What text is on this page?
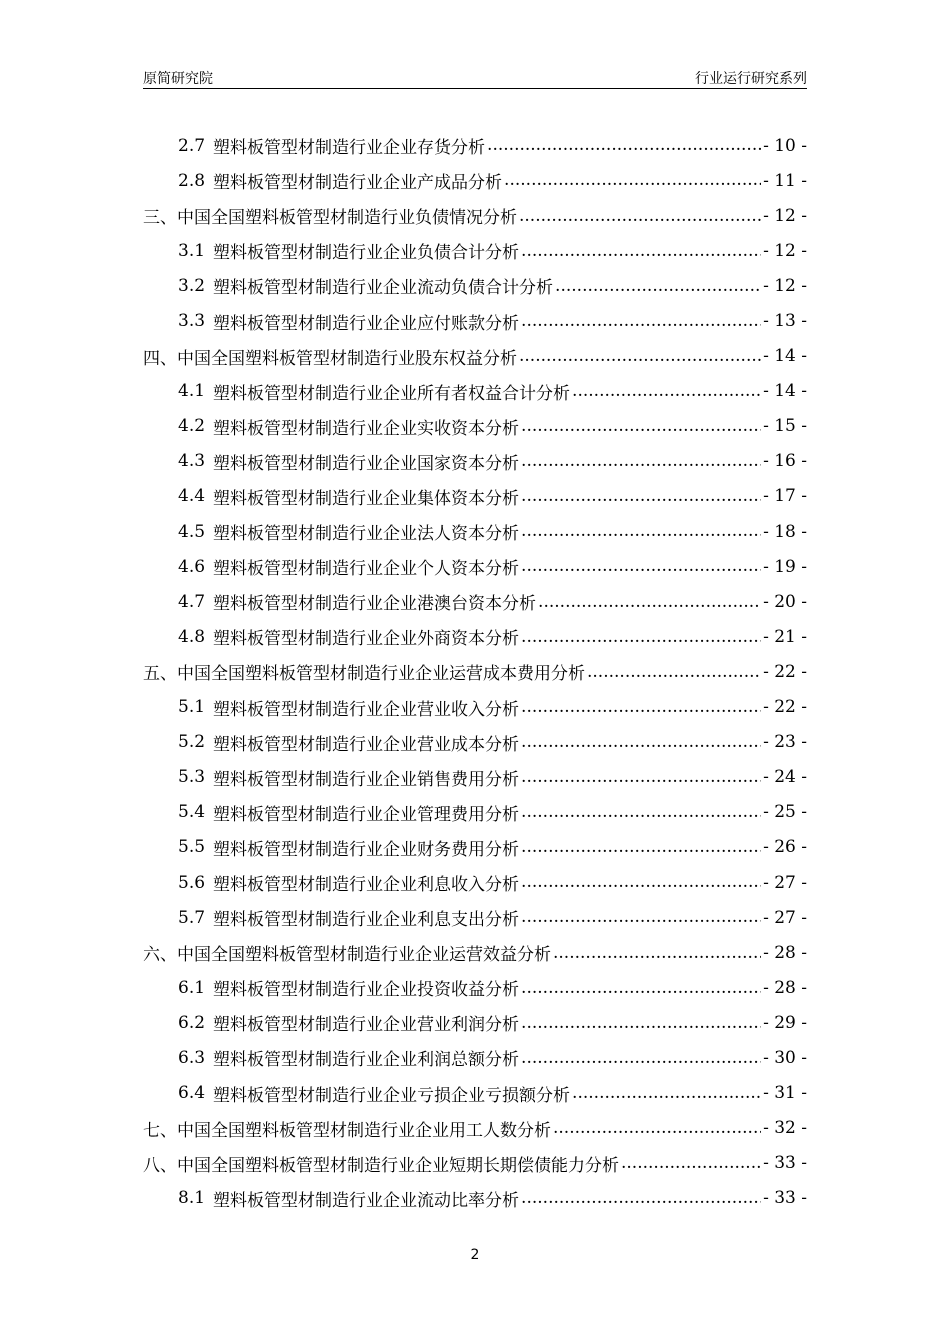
原简研究院	行业运行研究系列
2.7 塑料板管型材制造行业企业存货分析 .....	- 10 -
2.8 塑料板管型材制造行业企业产成品分析 .....	- 11 -
三、中国全国塑料板管型材制造行业负债情况分析 .....	- 12 -
3.1 塑料板管型材制造行业企业负债合计分析 .....	- 12 -
3.2 塑料板管型材制造行业企业流动负债合计分析 .....	- 12 -
3.3 塑料板管型材制造行业企业应付账款分析 .....	- 13 -
四、中国全国塑料板管型材制造行业股东权益分析 .....	- 14 -
4.1 塑料板管型材制造行业企业所有者权益合计分析 .....	- 14 -
4.2 塑料板管型材制造行业企业实收资本分析 .....	- 15 -
4.3 塑料板管型材制造行业企业国家资本分析 .....	- 16 -
4.4 塑料板管型材制造行业企业集体资本分析 .....	- 17 -
4.5 塑料板管型材制造行业企业法人资本分析 .....	- 18 -
4.6 塑料板管型材制造行业企业个人资本分析 .....	- 19 -
4.7 塑料板管型材制造行业企业港澳台资本分析 .....	- 20 -
4.8 塑料板管型材制造行业企业外商资本分析 .....	- 21 -
五、中国全国塑料板管型材制造行业企业运营成本费用分析 .....	- 22 -
5.1 塑料板管型材制造行业企业营业收入分析 .....	- 22 -
5.2 塑料板管型材制造行业企业营业成本分析 .....	- 23 -
5.3 塑料板管型材制造行业企业销售费用分析 .....	- 24 -
5.4 塑料板管型材制造行业企业管理费用分析 .....	- 25 -
5.5 塑料板管型材制造行业企业财务费用分析 .....	- 26 -
5.6 塑料板管型材制造行业企业利息收入分析 .....	- 27 -
5.7 塑料板管型材制造行业企业利息支出分析 .....	- 27 -
六、中国全国塑料板管型材制造行业企业运营效益分析 .....	- 28 -
6.1 塑料板管型材制造行业企业投资收益分析 .....	- 28 -
6.2 塑料板管型材制造行业企业营业利润分析 .....	- 29 -
6.3 塑料板管型材制造行业企业利润总额分析 .....	- 30 -
6.4 塑料板管型材制造行业企业亏损企业亏损额分析 .....	- 31 -
七、中国全国塑料板管型材制造行业企业用工人数分析 .....	- 32 -
八、中国全国塑料板管型材制造行业企业短期长期偿债能力分析 .....	- 33 -
8.1 塑料板管型材制造行业企业流动比率分析 .....	- 33 -
2
